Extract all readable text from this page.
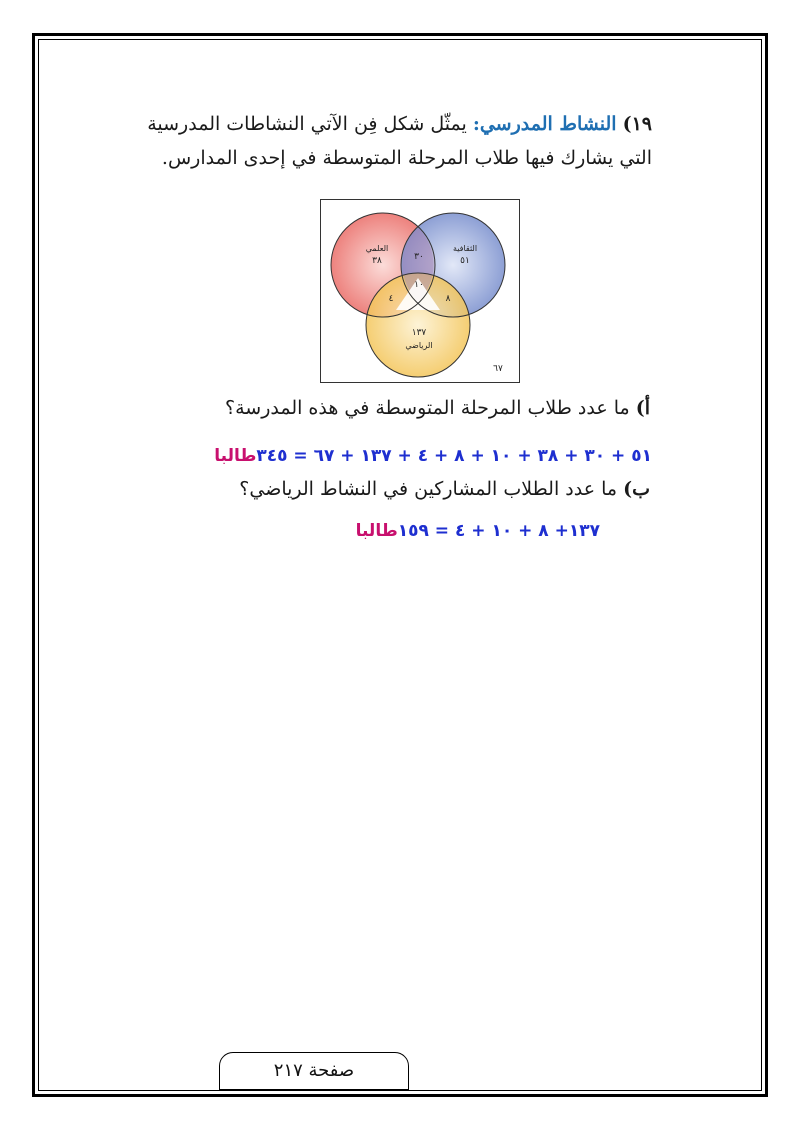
١٩) النشاط المدرسي: يمثّل شكل فِن الآتي النشاطات المدرسية
التي يشارك فيها طلاب المرحلة المتوسطة في إحدى المدارس.
العلمي
٣٨
الثقافية
٥١
٣٠
١٠
٤	٨
١٣٧
الرياضي
٦٧
أ) ما عدد طلاب المرحلة المتوسطة في هذه المدرسة؟
٥١ + ٣٠ + ٣٨ + ١٠ + ٨ + ٤ + ١٣٧ + ٦٧ = ٣٤٥طالبا
ب) ما عدد الطلاب المشاركين في النشاط الرياضي؟
١٣٧+ ٨ + ١٠ + ٤ = ١٥٩طالبا
صفحة ٢١٧
